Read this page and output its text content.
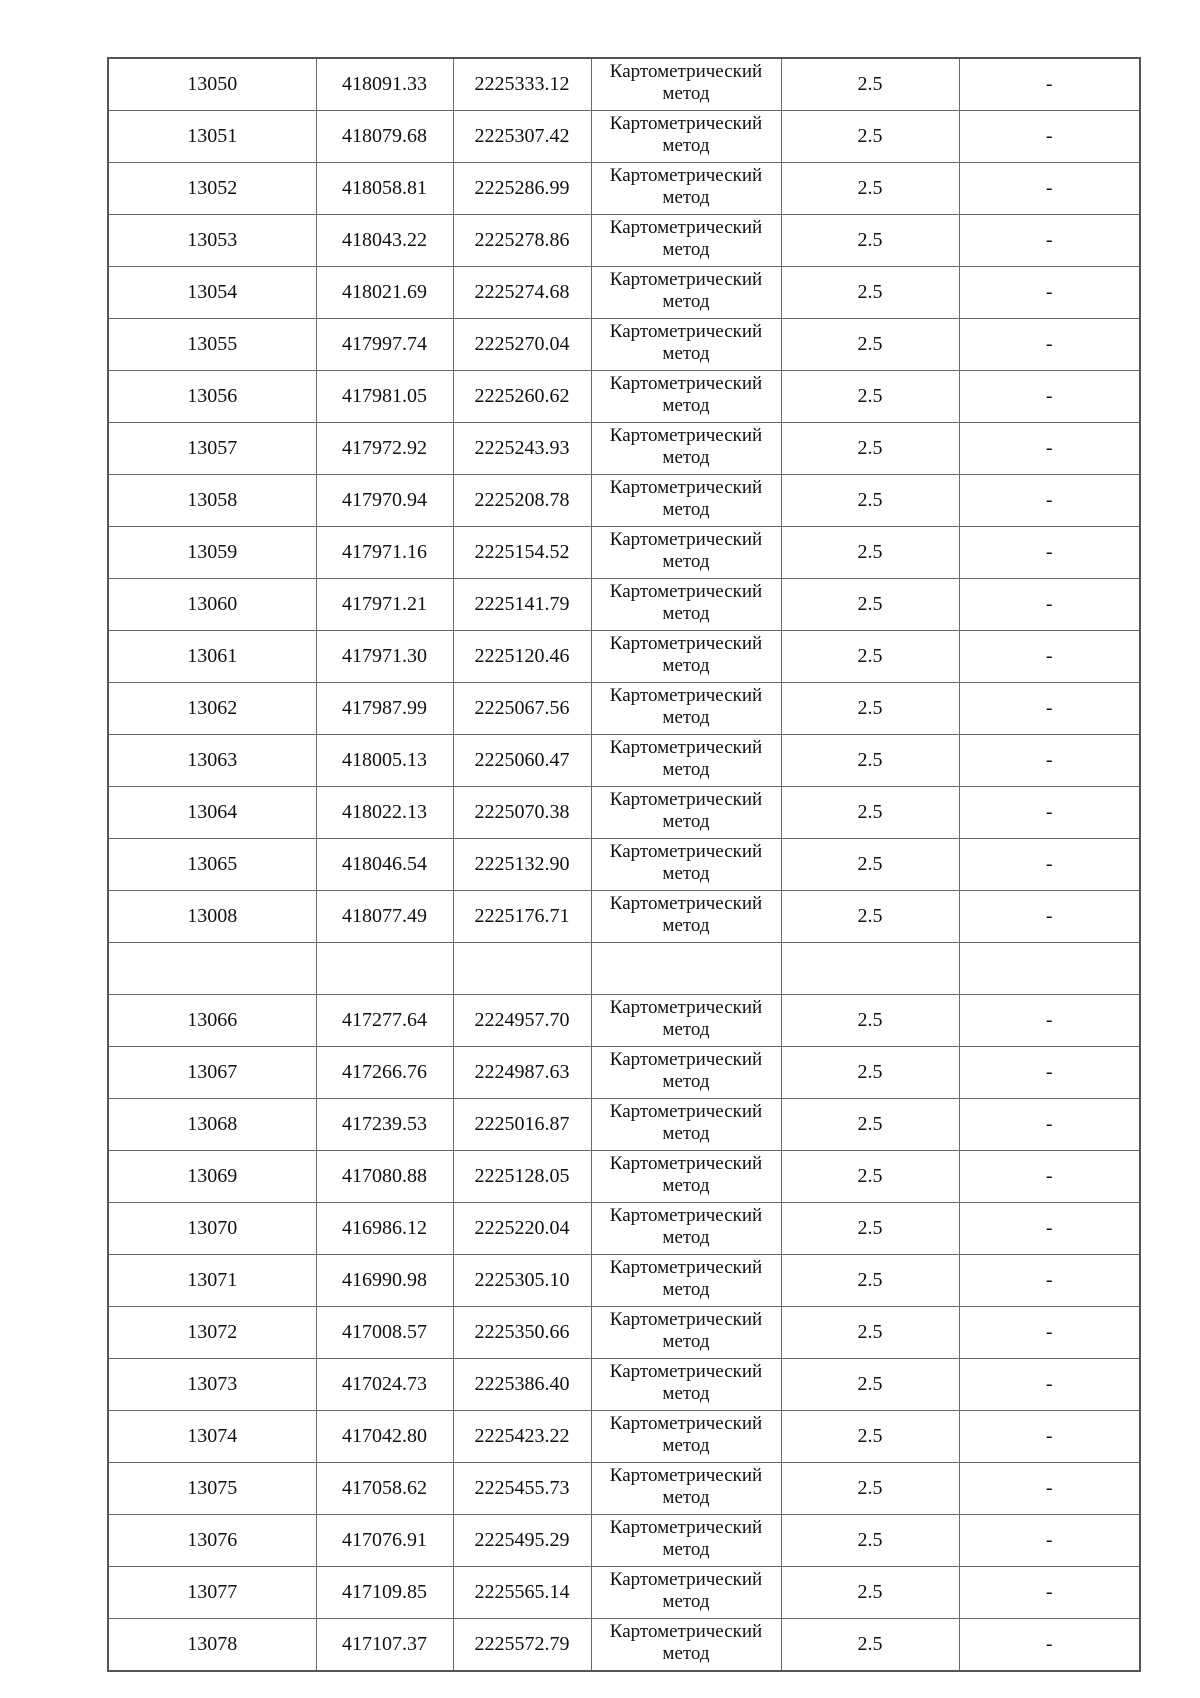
13050	418091.33	2225333.12	Картометрический
метод	2.5	-
13051	418079.68	2225307.42	Картометрический
метод	2.5	-
13052	418058.81	2225286.99	Картометрический
метод	2.5	-
13053	418043.22	2225278.86	Картометрический
метод	2.5	-
13054	418021.69	2225274.68	Картометрический
метод	2.5	-
13055	417997.74	2225270.04	Картометрический
метод	2.5	-
13056	417981.05	2225260.62	Картометрический
метод	2.5	-
13057	417972.92	2225243.93	Картометрический
метод	2.5	-
13058	417970.94	2225208.78	Картометрический
метод	2.5	-
13059	417971.16	2225154.52	Картометрический
метод	2.5	-
13060	417971.21	2225141.79	Картометрический
метод	2.5	-
13061	417971.30	2225120.46	Картометрический
метод	2.5	-
13062	417987.99	2225067.56	Картометрический
метод	2.5	-
13063	418005.13	2225060.47	Картометрический
метод	2.5	-
13064	418022.13	2225070.38	Картометрический
метод	2.5	-
13065	418046.54	2225132.90	Картометрический
метод	2.5	-
13008	418077.49	2225176.71	Картометрический
метод	2.5	-

13066	417277.64	2224957.70	Картометрический
метод	2.5	-
13067	417266.76	2224987.63	Картометрический
метод	2.5	-
13068	417239.53	2225016.87	Картометрический
метод	2.5	-
13069	417080.88	2225128.05	Картометрический
метод	2.5	-
13070	416986.12	2225220.04	Картометрический
метод	2.5	-
13071	416990.98	2225305.10	Картометрический
метод	2.5	-
13072	417008.57	2225350.66	Картометрический
метод	2.5	-
13073	417024.73	2225386.40	Картометрический
метод	2.5	-
13074	417042.80	2225423.22	Картометрический
метод	2.5	-
13075	417058.62	2225455.73	Картометрический
метод	2.5	-
13076	417076.91	2225495.29	Картометрический
метод	2.5	-
13077	417109.85	2225565.14	Картометрический
метод	2.5	-
13078	417107.37	2225572.79	Картометрический
метод	2.5	-
